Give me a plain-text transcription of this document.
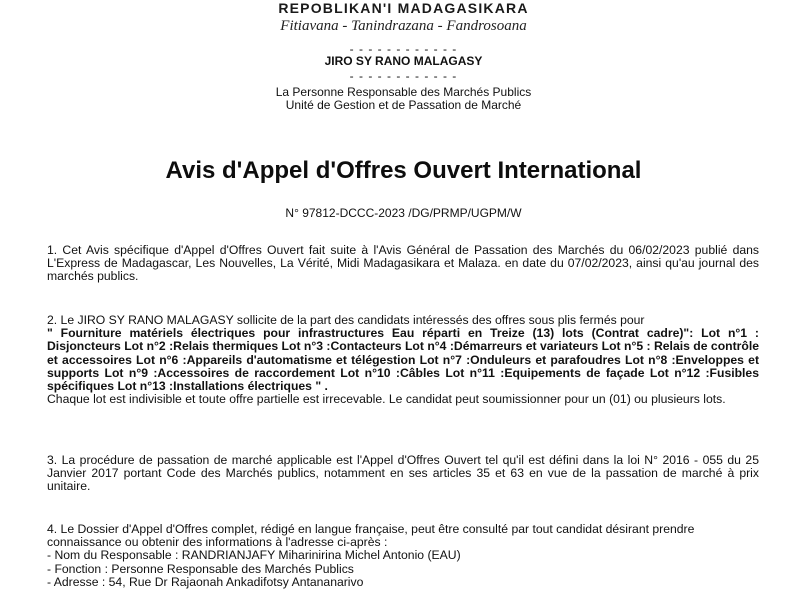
REPOBLIKAN'I MADAGASIKARA
Fitiavana - Tanindrazana - Fandrosoana
- - - - - - - - - - - -
JIRO SY RANO MALAGASY
- - - - - - - - - - - -
La Personne Responsable des Marchés Publics
Unité de Gestion et de Passation de Marché
Avis d'Appel d'Offres Ouvert International
N° 97812-DCCC-2023 /DG/PRMP/UGPM/W

1. Cet Avis spécifique d'Appel d'Offres Ouvert fait suite à l'Avis Général de Passation des Marchés du 06/02/2023 publié dans L'Express de Madagascar, Les Nouvelles, La Vérité, Midi Madagasikara et Malaza. en date du 07/02/2023, ainsi qu'au journal des marchés publics.

2. Le JIRO SY RANO MALAGASY sollicite de la part des candidats intéressés des offres sous plis fermés pour
" Fourniture matériels électriques pour infrastructures Eau réparti en Treize (13) lots (Contrat cadre)": Lot n°1 : Disjoncteurs Lot n°2 :Relais thermiques Lot n°3 :Contacteurs Lot n°4 :Démarreurs et variateurs Lot n°5 : Relais de contrôle et accessoires Lot n°6 :Appareils d'automatisme et télégestion Lot n°7 :Onduleurs et parafoudres Lot n°8 :Enveloppes et supports Lot n°9 :Accessoires de raccordement Lot n°10 :Câbles Lot n°11 :Equipements de façade Lot n°12 :Fusibles spécifiques Lot n°13 :Installations électriques " .
Chaque lot est indivisible et toute offre partielle est irrecevable. Le candidat peut soumissionner pour un (01) ou plusieurs lots.

3. La procédure de passation de marché applicable est l'Appel d'Offres Ouvert tel qu'il est défini dans la loi N° 2016 - 055 du 25 Janvier 2017 portant Code des Marchés publics, notamment en ses articles 35 et 63 en vue de la passation de marché à prix unitaire.

4. Le Dossier d'Appel d'Offres complet, rédigé en langue française, peut être consulté par tout candidat désirant prendre connaissance ou obtenir des informations à l'adresse ci-après :
- Nom du Responsable : RANDRIANJAFY Miharinirina Michel Antonio (EAU)
- Fonction : Personne Responsable des Marchés Publics
- Adresse : 54, Rue Dr Rajaonah Ankadifotsy Antananarivo
